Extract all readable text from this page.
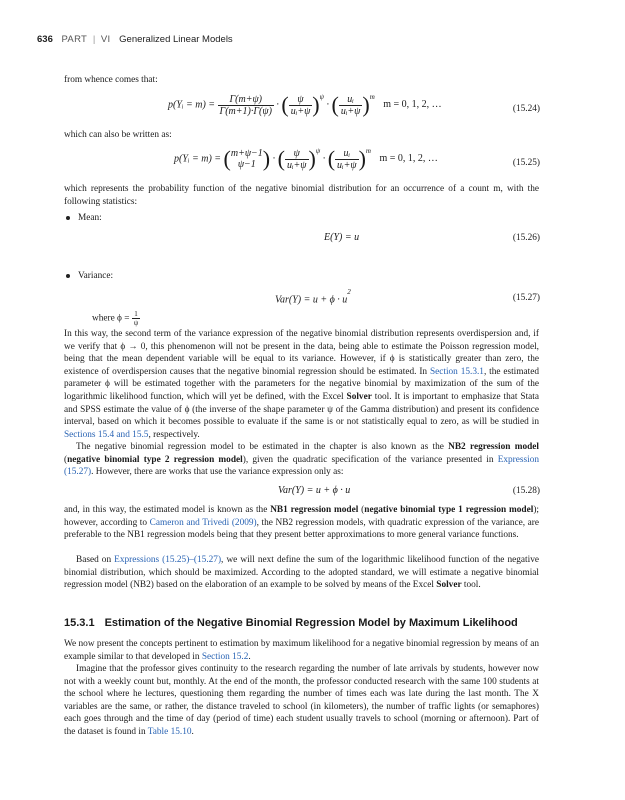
636 PART | VI Generalized Linear Models

from whence comes that:

p(Yᵢ = $m) = \frac{\Gamma(m+\psi)}{\Gamma(m+1)\cdot\Gamma(\psi)}$ · ( $\frac{\psi}{\text{uᵢ+ψ}} )^\psi$ · ( $\frac{\text{uᵢ}}{\text{uᵢ+ψ}} )^m$ m = 0, 1, 2, …	(15.24)

which can also be written as:

p(Yᵢ = m) = ( m+ψ−1
ψ−1 ) · ( $\frac{\psi}{\text{uᵢ+ψ}} )^\psi$ · ( $\frac{\text{uᵢ}}{\text{uᵢ+ψ}} )^m$ m = 0, 1, 2, …	(15.25)

which represents the probability function of the negative binomial distribution for an occurrence of a count m, with the following statistics:

Mean:
E(Y) = u	(15.26)
Variance:
$Var(Y) = u + \phi \cdot u^2$
(15.27)
where $\phi = \frac{1}{\psi}$

In this way, the second term of the variance expression of the negative binomial distribution represents overdispersion and, if we verify that ϕ → 0, this phenomenon will not be present in the data, being able to estimate the Poisson regression model, being that the mean dependent variable will be equal to its variance. However, if ϕ is statistically greater than zero, the existence of overdispersion causes that the negative binomial regression should be estimated. In Section 15.3.1, the estimated parameter ϕ will be estimated together with the parameters for the negative binomial by maximization of the sum of the logarithmic likelihood function, which will yet be defined, with the Excel Solver tool. It is important to emphasize that Stata and SPSS estimate the value of ϕ (the inverse of the shape parameter ψ of the Gamma distribution) and present its confidence interval, based on which it becomes possible to evaluate if the same is or not statistically equal to zero, as will be studied in Sections 15.4 and 15.5, respectively.

The negative binomial regression model to be estimated in the chapter is also known as the NB2 regression model (negative binomial type 2 regression model), given the quadratic specification of the variance presented in Expression (15.27). However, there are works that use the variance expression only as:

Var(Y) = u + ϕ · u	(15.28)

and, in this way, the estimated model is known as the NB1 regression model (negative binomial type 1 regression model); however, according to Cameron and Trivedi (2009), the NB2 regression models, with quadratic expression of the variance, are preferable to the NB1 regression models being that they present better approximations to more general variance functions.

Based on Expressions (15.25)–(15.27), we will next define the sum of the logarithmic likelihood function of the negative binomial distribution, which should be maximized. According to the adopted standard, we will estimate a negative binomial regression model (NB2) based on the elaboration of an example to be solved by means of the Excel Solver tool.

15.3.1 Estimation of the Negative Binomial Regression Model by Maximum Likelihood

We now present the concepts pertinent to estimation by maximum likelihood for a negative binomial regression by means of an example similar to that developed in Section 15.2.

Imagine that the professor gives continuity to the research regarding the number of late arrivals by students, however now not with a weekly count but, monthly. At the end of the month, the professor conducted research with the same 100 students at the school where he lectures, questioning them regarding the number of times each was late during the last month. The X variables are the same, or rather, the distance traveled to school (in kilometers), the number of traffic lights (or semaphores) each goes through and the time of day (period of time) each student usually travels to school (morning or afternoon). Part of the dataset is found in Table 15.10.
